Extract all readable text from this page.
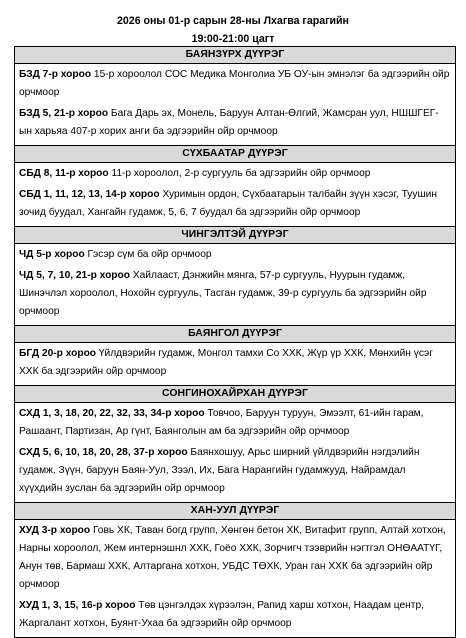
2026 оны 01-р сарын 28-ны Лхагва гарагийн
19:00-21:00 цагт
БАЯНЗҮРХ ДҮҮРЭГ

БЗД 7-р хороо 15-р хороолол СОС Медика Монголиа УБ ОУ-ын эмнэлэг ба эдгээрийн ойр орчмоор

БЗД 5, 21-р хороо Бага Дарь эх, Монель, Баруун Алтан-Өлгий, Жамсран уул, НШШГЕГ-ын харьяа 407-р хорих анги ба эдгээрийн ойр орчмоор

СҮХБААТАР ДҮҮРЭГ

СБД 8, 11-р хороо 11-р хороолол, 2-р сургууль ба эдгээрийн ойр орчмоор

СБД 1, 11, 12, 13, 14-р хороо Хуримын ордон, Сүхбаатарын талбайн зүүн хэсэг, Туушин зочид буудал, Хангайн гудамж, 5, 6, 7 буудал ба эдгээрийн ойр орчмоор

ЧИНГЭЛТЭЙ ДҮҮРЭГ

ЧД 5-р хороо Гэсэр сүм ба ойр орчмоор

ЧД 5, 7, 10, 21-р хороо Хайлааст, Дэнжийн мянга, 57-р сургууль, Нуурын гудамж, Шинэчлэл хороолол, Нохойн сургууль, Тасган гудамж, 39-р сургууль ба эдгээрийн ойр орчмоор

БАЯНГОЛ ДҮҮРЭГ

БГД 20-р хороо Үйлдвэрийн гудамж, Монгол тамхи Со ХХК, Жүр үр ХХК, Мөнхийн үсэг ХХК ба эдгээрийн ойр орчмоор

СОНГИНОХАЙРХАН ДҮҮРЭГ

СХД 1, 3, 18, 20, 22, 32, 33, 34-р хороо Товчоо, Баруун туруун, Эмээлт, 61-ийн гарам, Рашаант, Партизан, Ар гүнт, Баянголын ам ба эдгээрийн ойр орчмоор

СХД 5, 6, 10, 18, 20, 28, 37-р хороо Баянхошуу, Арьс ширний үйлдвэрийн нэгдэлийн гудамж, Зүүн, баруун Баян-Уул, Зээл, Их, Бага Нарангийн гудамжууд, Найрамдал хүүхдийн зуслан ба эдгээрийн ойр орчмоор

ХАН-УУЛ ДҮҮРЭГ

ХУД 3-р хороо Говь ХК, Таван богд групп, Хөнгөн бетон ХК, Витафит групп, Алтай хотхон, Нарны хороолол, Жем интернэшнл ХХК, Гоёо ХХК, Зорчигч тээврийн нэгтгэл ОНӨААТҮГ, Анун төв, Бармаш ХХК, Алтаргана хотхон, УБДС ТӨХК, Уран ган ХХК ба эдгээрийн ойр орчмоор

ХУД 1, 3, 15, 16-р хороо Төв цэнгэлдэх хүрээлэн, Рапид харш хотхон, Наадам центр, Жаргалант хотхон, Буянт-Ухаа ба эдгээрийн ойр орчмоор
